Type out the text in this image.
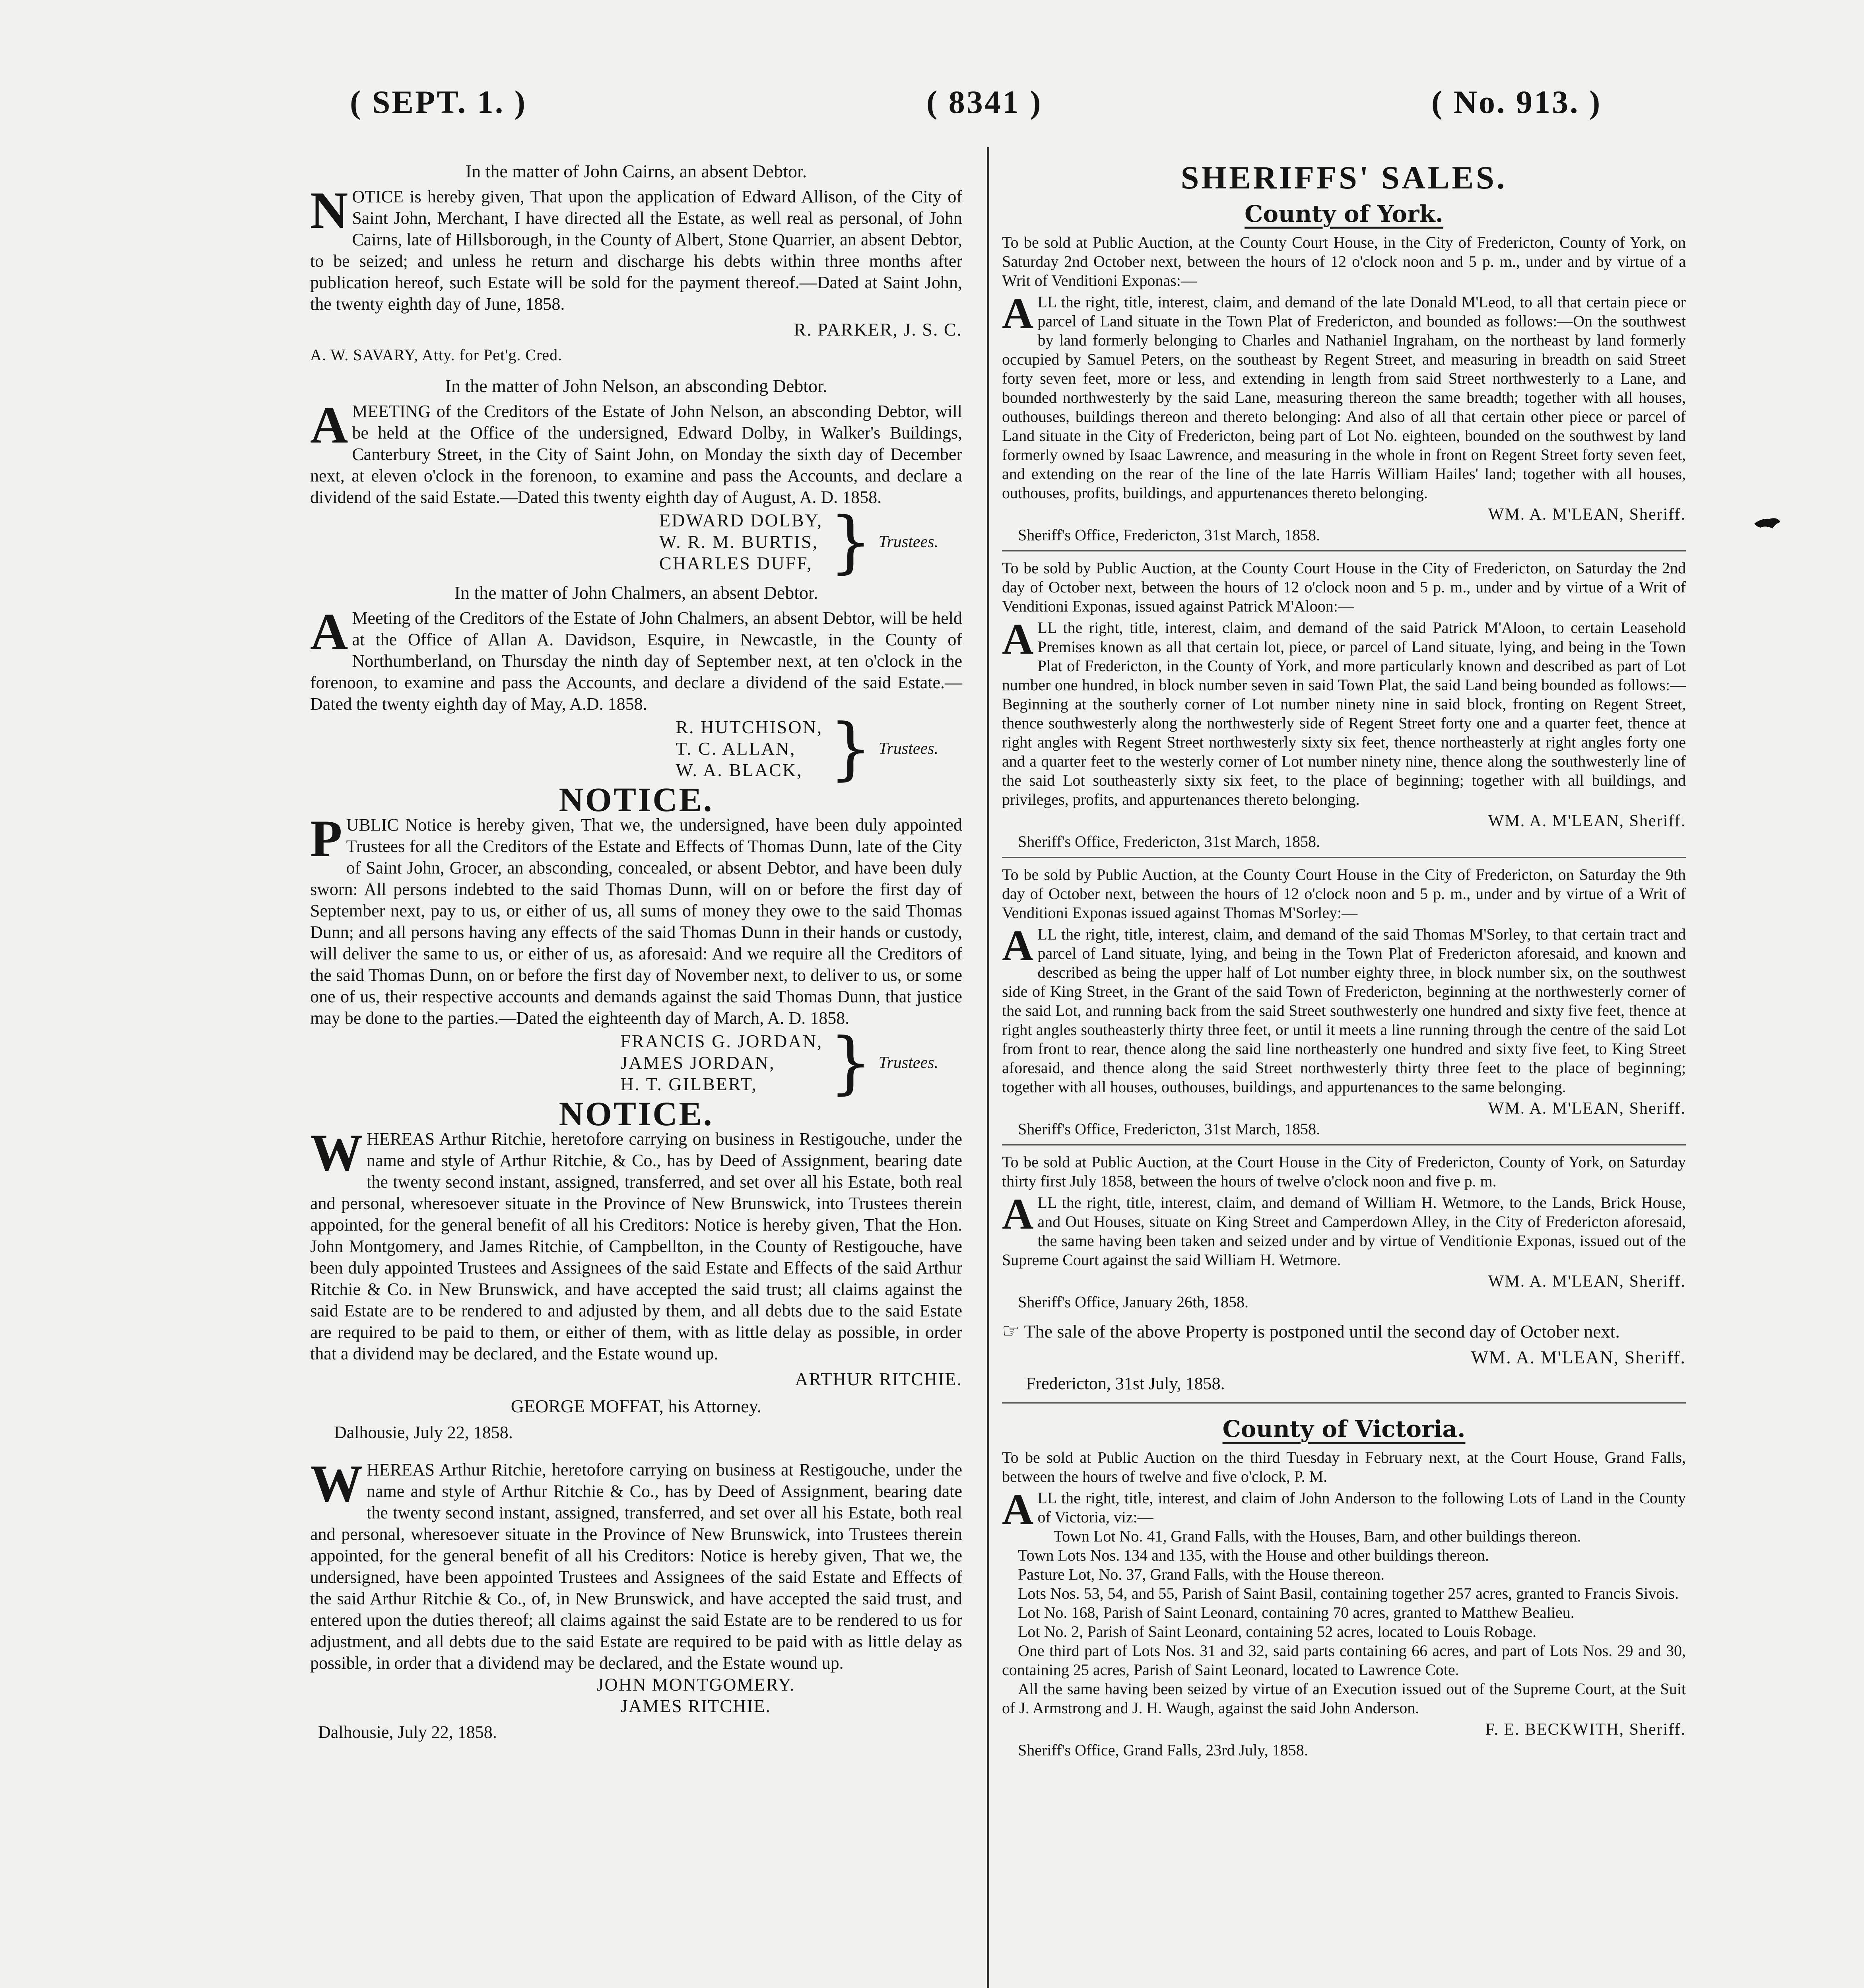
( SEPT. 1. )	( 8341 )	( No. 913. )
In the matter of John Cairns, an absent Debtor.

NOTICE is hereby given, That upon the application of Edward Allison, of the City of Saint John, Merchant, I have directed all the Estate, as well real as personal, of John Cairns, late of Hillsborough, in the County of Albert, Stone Quarrier, an absent Debtor, to be seized; and unless he return and discharge his debts within three months after publication hereof, such Estate will be sold for the payment thereof.—Dated at Saint John, the twenty eighth day of June, 1858.

R. PARKER, J. S. C.
A. W. SAVARY, Atty. for Pet'g. Cred.
In the matter of John Nelson, an absconding Debtor.

AMEETING of the Creditors of the Estate of John Nelson, an absconding Debtor, will be held at the Office of the undersigned, Edward Dolby, in Walker's Buildings, Canterbury Street, in the City of Saint John, on Monday the sixth day of December next, at eleven o'clock in the forenoon, to examine and pass the Accounts, and declare a dividend of the said Estate.—Dated this twenty eighth day of August, A. D. 1858.

EDWARD DOLBY,
W. R. M. BURTIS,
CHARLES DUFF, } Trustees.
In the matter of John Chalmers, an absent Debtor.

A Meeting of the Creditors of the Estate of John Chalmers, an absent Debtor, will be held at the Office of Allan A. Davidson, Esquire, in Newcastle, in the County of Northumberland, on Thursday the ninth day of September next, at ten o'clock in the forenoon, to examine and pass the Accounts, and declare a dividend of the said Estate.—Dated the twenty eighth day of May, A.D. 1858.

R. HUTCHISON,
T. C. ALLAN,
W. A. BLACK, } Trustees.
NOTICE.

PUBLIC Notice is hereby given, That we, the undersigned, have been duly appointed Trustees for all the Creditors of the Estate and Effects of Thomas Dunn, late of the City of Saint John, Grocer, an absconding, concealed, or absent Debtor, and have been duly sworn: All persons indebted to the said Thomas Dunn, will on or before the first day of September next, pay to us, or either of us, all sums of money they owe to the said Thomas Dunn; and all persons having any effects of the said Thomas Dunn in their hands or custody, will deliver the same to us, or either of us, as aforesaid: And we require all the Creditors of the said Thomas Dunn, on or before the first day of November next, to deliver to us, or some one of us, their respective accounts and demands against the said Thomas Dunn, that justice may be done to the parties.—Dated the eighteenth day of March, A. D. 1858.

FRANCIS G. JORDAN,
JAMES JORDAN,
H. T. GILBERT,	} Trustees.
NOTICE.

WHEREAS Arthur Ritchie, heretofore carrying on business in Restigouche, under the name and style of Arthur Ritchie, & Co., has by Deed of Assignment, bearing date the twenty second instant, assigned, transferred, and set over all his Estate, both real and personal, wheresoever situate in the Province of New Brunswick, into Trustees therein appointed, for the general benefit of all his Creditors: Notice is hereby given, That the Hon. John Montgomery, and James Ritchie, of Campbellton, in the County of Restigouche, have been duly appointed Trustees and Assignees of the said Estate and Effects of the said Arthur Ritchie & Co. in New Brunswick, and have accepted the said trust; all claims against the said Estate are to be rendered to and adjusted by them, and all debts due to the said Estate are required to be paid to them, or either of them, with as little delay as possible, in order that a dividend may be declared, and the Estate wound up.

ARTHUR RITCHIE.
GEORGE MOFFAT, his Attorney.
Dalhousie, July 22, 1858.

WHEREAS Arthur Ritchie, heretofore carrying on business at Restigouche, under the name and style of Arthur Ritchie & Co., has by Deed of Assignment, bearing date the twenty second instant, assigned, transferred, and set over all his Estate, both real and personal, wheresoever situate in the Province of New Brunswick, into Trustees therein appointed, for the general benefit of all his Creditors: Notice is hereby given, That we, the undersigned, have been appointed Trustees and Assignees of the said Estate and Effects of the said Arthur Ritchie & Co., of, in New Brunswick, and have accepted the said trust, and entered upon the duties thereof; all claims against the said Estate are to be rendered to us for adjustment, and all debts due to the said Estate are required to be paid with as little delay as possible, in order that a dividend may be declared, and the Estate wound up.

JOHN MONTGOMERY.
JAMES RITCHIE.
Dalhousie, July 22, 1858.
SHERIFFS' SALES.
County of York.

To be sold at Public Auction, at the County Court House, in the City of Fredericton, County of York, on Saturday 2nd October next, between the hours of 12 o'clock noon and 5 p. m., under and by virtue of a Writ of Venditioni Exponas:—

ALL the right, title, interest, claim, and demand of the late Donald M'Leod, to all that certain piece or parcel of Land situate in the Town Plat of Fredericton, and bounded as follows:—On the southwest by land formerly belonging to Charles and Nathaniel Ingraham, on the northeast by land formerly occupied by Samuel Peters, on the southeast by Regent Street, and measuring in breadth on said Street forty seven feet, more or less, and extending in length from said Street northwesterly to a Lane, and bounded northwesterly by the said Lane, measuring thereon the same breadth; together with all houses, outhouses, buildings thereon and thereto belonging: And also of all that certain other piece or parcel of Land situate in the City of Fredericton, being part of Lot No. eighteen, bounded on the southwest by land formerly owned by Isaac Lawrence, and measuring in the whole in front on Regent Street forty seven feet, and extending on the rear of the line of the late Harris William Hailes' land; together with all houses, outhouses, profits, buildings, and appurtenances thereto belonging.

WM. A. M'LEAN, Sheriff.
Sheriff's Office, Fredericton, 31st March, 1858.

To be sold by Public Auction, at the County Court House in the City of Fredericton, on Saturday the 2nd day of October next, between the hours of 12 o'clock noon and 5 p. m., under and by virtue of a Writ of Venditioni Exponas, issued against Patrick M'Aloon:—

ALL the right, title, interest, claim, and demand of the said Patrick M'Aloon, to certain Leasehold Premises known as all that certain lot, piece, or parcel of Land situate, lying, and being in the Town Plat of Fredericton, in the County of York, and more particularly known and described as part of Lot number one hundred, in block number seven in said Town Plat, the said Land being bounded as follows:—Beginning at the southerly corner of Lot number ninety nine in said block, fronting on Regent Street, thence southwesterly along the northwesterly side of Regent Street forty one and a quarter feet, thence at right angles with Regent Street northwesterly sixty six feet, thence northeasterly at right angles forty one and a quarter feet to the westerly corner of Lot number ninety nine, thence along the southwesterly line of the said Lot southeasterly sixty six feet, to the place of beginning; together with all buildings, and privileges, profits, and appurtenances thereto belonging.

WM. A. M'LEAN, Sheriff.
Sheriff's Office, Fredericton, 31st March, 1858.

To be sold by Public Auction, at the County Court House in the City of Fredericton, on Saturday the 9th day of October next, between the hours of 12 o'clock noon and 5 p. m., under and by virtue of a Writ of Venditioni Exponas issued against Thomas M'Sorley:—

ALL the right, title, interest, claim, and demand of the said Thomas M'Sorley, to that certain tract and parcel of Land situate, lying, and being in the Town Plat of Fredericton aforesaid, and known and described as being the upper half of Lot number eighty three, in block number six, on the southwest side of King Street, in the Grant of the said Town of Fredericton, beginning at the northwesterly corner of the said Lot, and running back from the said Street southwesterly one hundred and sixty five feet, thence at right angles southeasterly thirty three feet, or until it meets a line running through the centre of the said Lot from front to rear, thence along the said line northeasterly one hundred and sixty five feet, to King Street aforesaid, and thence along the said Street northwesterly thirty three feet to the place of beginning; together with all houses, outhouses, buildings, and appurtenances to the same belonging.

WM. A. M'LEAN, Sheriff.
Sheriff's Office, Fredericton, 31st March, 1858.

To be sold at Public Auction, at the Court House in the City of Fredericton, County of York, on Saturday thirty first July 1858, between the hours of twelve o'clock noon and five p. m.

ALL the right, title, interest, claim, and demand of William H. Wetmore, to the Lands, Brick House, and Out Houses, situate on King Street and Camperdown Alley, in the City of Fredericton aforesaid, the same having been taken and seized under and by virtue of Venditionie Exponas, issued out of the Supreme Court against the said William H. Wetmore.

WM. A. M'LEAN, Sheriff.
Sheriff's Office, January 26th, 1858.

☞ The sale of the above Property is postponed until the second day of October next.

WM. A. M'LEAN, Sheriff.
Fredericton, 31st July, 1858.
County of Victoria.

To be sold at Public Auction on the third Tuesday in February next, at the Court House, Grand Falls, between the hours of twelve and five o'clock, P. M.

ALL the right, title, interest, and claim of John Anderson to the following Lots of Land in the County of Victoria, viz:—

Town Lot No. 41, Grand Falls, with the Houses, Barn, and other buildings thereon.

Town Lots Nos. 134 and 135, with the House and other buildings thereon.

Pasture Lot, No. 37, Grand Falls, with the House thereon.

Lots Nos. 53, 54, and 55, Parish of Saint Basil, containing together 257 acres, granted to Francis Sivois.

Lot No. 168, Parish of Saint Leonard, containing 70 acres, granted to Matthew Bealieu.

Lot No. 2, Parish of Saint Leonard, containing 52 acres, located to Louis Robage.

One third part of Lots Nos. 31 and 32, said parts containing 66 acres, and part of Lots Nos. 29 and 30, containing 25 acres, Parish of Saint Leonard, located to Lawrence Cote.

All the same having been seized by virtue of an Execution issued out of the Supreme Court, at the Suit of J. Armstrong and J. H. Waugh, against the said John Anderson.

F. E. BECKWITH, Sheriff.
Sheriff's Office, Grand Falls, 23rd July, 1858.
